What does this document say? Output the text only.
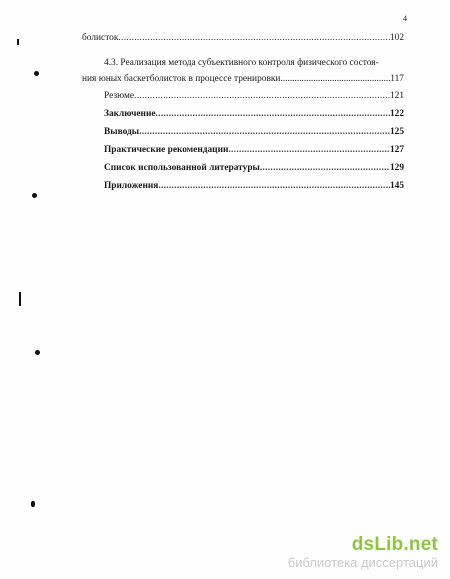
4
болисток .....	102
4.3. Реализация метода субъективного контроля физического состоя-
ния юных баскетболисток в процессе тренировки .....	117
Резюме .....	121
Заключение .....	122
Выводы .....	125
Практические рекомендации .....	127
Список использованной литературы .....	129
Приложения .....	145
dsLib.net
библиотека диссертаций
